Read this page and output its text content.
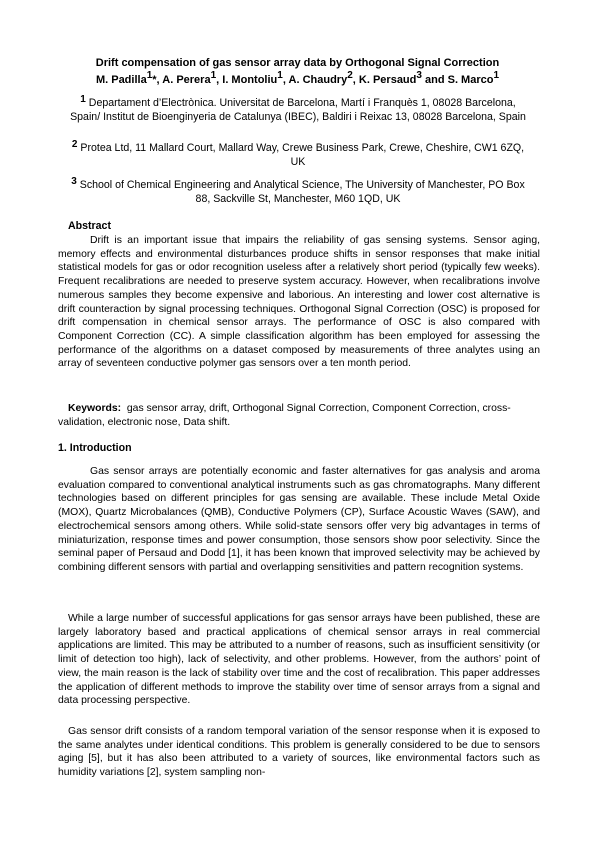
Drift compensation of gas sensor array data by Orthogonal Signal Correction
M. Padilla$^1$*, A. Perera$^1$, I. Montoliu$^1$, A. Chaudry$^2$, K. Persaud$^3$ and S. Marco$^1$
$^1$ Departament d’Electrònica. Universitat de Barcelona, Martí i Franquès 1, 08028 Barcelona, Spain/ Institut de Bioenginyeria de Catalunya (IBEC), Baldiri i Reixac 13, 08028 Barcelona, Spain
$^2$ Protea Ltd, 11 Mallard Court, Mallard Way, Crewe Business Park, Crewe, Cheshire, CW1 6ZQ, UK
$^3$ School of Chemical Engineering and Analytical Science, The University of Manchester, PO Box 88, Sackville St, Manchester, M60 1QD, UK
Abstract

Drift is an important issue that impairs the reliability of gas sensing systems. Sensor aging, memory effects and environmental disturbances produce shifts in sensor responses that make initial statistical models for gas or odor recognition useless after a relatively short period (typically few weeks). Frequent recalibrations are needed to preserve system accuracy. However, when recalibrations involve numerous samples they become expensive and laborious. An interesting and lower cost alternative is drift counteraction by signal processing techniques. Orthogonal Signal Correction (OSC) is proposed for drift compensation in chemical sensor arrays. The performance of OSC is also compared with Component Correction (CC). A simple classification algorithm has been employed for assessing the performance of the algorithms on a dataset composed by measurements of three analytes using an array of seventeen conductive polymer gas sensors over a ten month period.

Keywords: gas sensor array, drift, Orthogonal Signal Correction, Component Correction, cross-validation, electronic nose, Data shift.

1. Introduction

Gas sensor arrays are potentially economic and faster alternatives for gas analysis and aroma evaluation compared to conventional analytical instruments such as gas chromatographs. Many different technologies based on different principles for gas sensing are available. These include Metal Oxide (MOX), Quartz Microbalances (QMB), Conductive Polymers (CP), Surface Acoustic Waves (SAW), and electrochemical sensors among others. While solid-state sensors offer very big advantages in terms of miniaturization, response times and power consumption, those sensors show poor selectivity. Since the seminal paper of Persaud and Dodd [1], it has been known that improved selectivity may be achieved by combining different sensors with partial and overlapping sensitivities and pattern recognition systems.

While a large number of successful applications for gas sensor arrays have been published, these are largely laboratory based and practical applications of chemical sensor arrays in real commercial applications are limited. This may be attributed to a number of reasons, such as insufficient sensitivity (or limit of detection too high), lack of selectivity, and other problems. However, from the authors’ point of view, the main reason is the lack of stability over time and the cost of recalibration. This paper addresses the application of different methods to improve the stability over time of sensor arrays from a signal and data processing perspective.

Gas sensor drift consists of a random temporal variation of the sensor response when it is exposed to the same analytes under identical conditions. This problem is generally considered to be due to sensors aging [5], but it has also been attributed to a variety of sources, like environmental factors such as humidity variations [2], system sampling non-
